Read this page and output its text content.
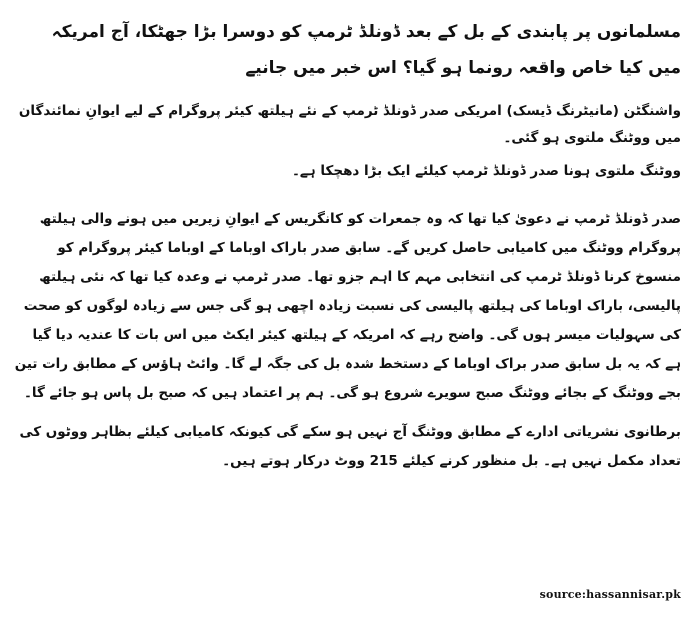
مسلمانوں پر پابندی کے بل کے بعد ڈونلڈ ٹرمپ کو دوسرا بڑا جھٹکا، آج امریکہ میں کیا خاص واقعہ رونما ہو گیا؟ اس خبر میں جانیے

واشنگٹن (مانیٹرنگ ڈیسک) امریکی صدر ڈونلڈ ٹرمپ کے نئے ہیلتھ کیئر پروگرام کے لیے ایوانِ نمائندگان میں ووٹنگ ملتوی ہو گئی۔

ووٹنگ ملتوی ہونا صدر ڈونلڈ ٹرمپ کیلئے ایک بڑا دھچکا ہے۔

صدر ڈونلڈ ٹرمپ نے دعویٰ کیا تھا کہ وہ جمعرات کو کانگریس کے ایوانِ زیریں میں ہونے والی ہیلتھ پروگرام ووٹنگ میں کامیابی حاصل کریں گے۔ سابق صدر باراک اوباما کے اوباما کیئر پروگرام کو منسوخ کرنا ڈونلڈ ٹرمپ کی انتخابی مہم کا اہم جزو تھا۔ صدر ٹرمپ نے وعدہ کیا تھا کہ نئی ہیلتھ پالیسی، باراک اوباما کی ہیلتھ پالیسی کی نسبت زیادہ اچھی ہو گی جس سے زیادہ لوگوں کو صحت کی سہولیات میسر ہوں گی۔ واضح رہے کہ امریکہ کے ہیلتھ کیئر ایکٹ میں اس بات کا عندیہ دیا گیا ہے کہ یہ بل سابق صدر براک اوباما کے دستخط شدہ بل کی جگہ لے گا۔ وائٹ ہاؤس کے مطابق رات تین بجے ووٹنگ کے بجائے ووٹنگ صبح سویرے شروع ہو گی۔ ہم پر اعتماد ہیں کہ صبح بل پاس ہو جائے گا۔

برطانوی نشریاتی ادارے کے مطابق ووٹنگ آج نہیں ہو سکے گی کیونکہ کامیابی کیلئے بظاہر ووٹوں کی تعداد مکمل نہیں ہے۔ بل منظور کرنے کیلئے 215 ووٹ درکار ہوتے ہیں۔

source:hassannisar.pk
